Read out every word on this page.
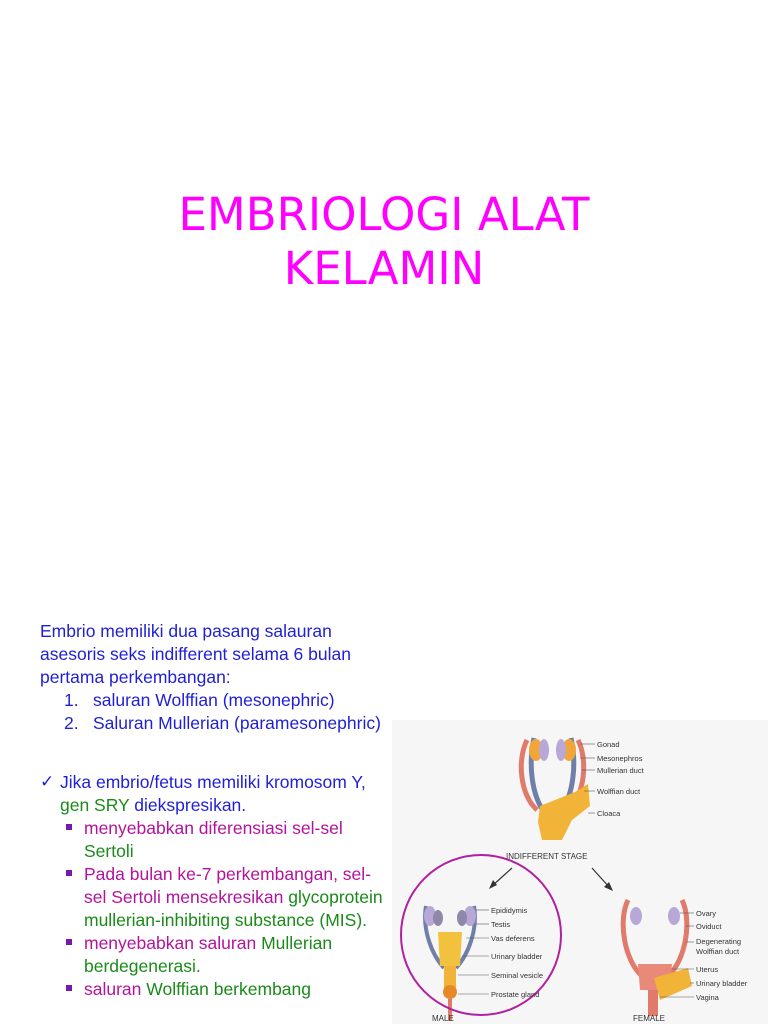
EMBRIOLOGI ALAT
KELAMIN

Embrio memiliki dua pasang salauran asesoris seks indifferent selama 6 bulan pertama perkembangan:

1. saluran Wolffian (mesonephric)
2. Saluran Mullerian (paramesonephric)
✓ Jika embrio/fetus memiliki kromosom Y, gen SRY diekspresikan.
menyebabkan diferensiasi sel-sel Sertoli
Pada bulan ke-7 perkembangan, sel-sel Sertoli mensekresikan glycoprotein mullerian-inhibiting substance (MIS).
menyebabkan saluran Mullerian berdegenerasi.
saluran Wolffian berkembang
Gonad
Mesonephros
Mullerian duct
Wolffian duct
Cloaca
INDIFFERENT STAGE
Epididymis
Testis
Vas deferens
Urinary bladder
Seminal vesicle
Prostate gland
MALE
Ovary
Oviduct
Degenerating
Wolffian duct
Uterus
Urinary bladder
Vagina
FEMALE
